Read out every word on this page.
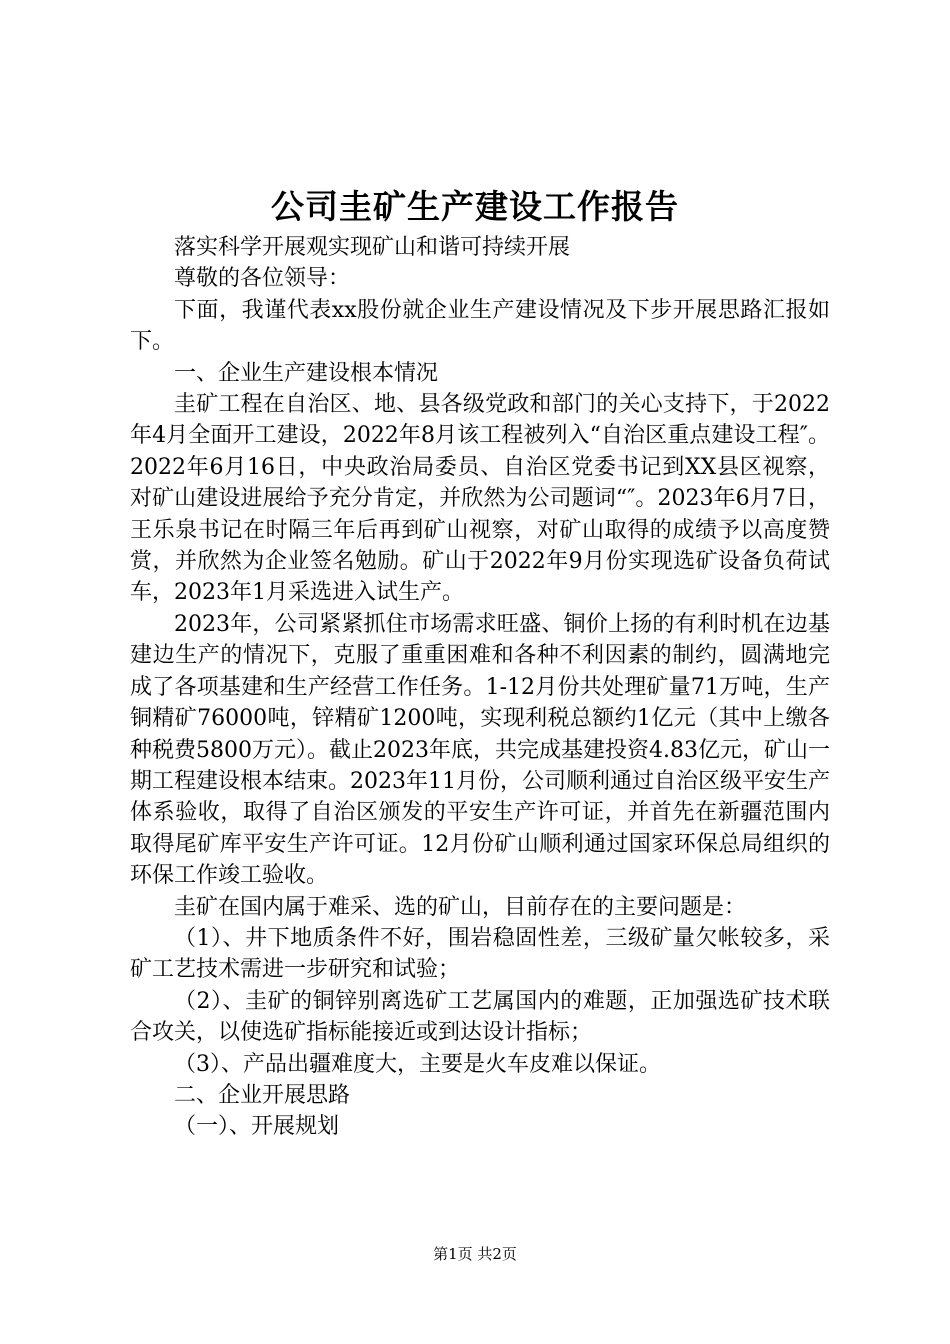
公司圭矿生产建设工作报告

落实科学开展观实现矿山和谐可持续开展

尊敬的各位领导：

下面，我谨代表xx股份就企业生产建设情况及下步开展思路汇报如下。

一、企业生产建设根本情况

圭矿工程在自治区、地、县各级党政和部门的关心支持下，于2022年4月全面开工建设，2022年8月该工程被列入“自治区重点建设工程″。2022年6月16日，中央政治局委员、自治区党委书记到XX县区视察，对矿山建设进展给予充分肯定，并欣然为公司题词“″。2023年6月7日，王乐泉书记在时隔三年后再到矿山视察，对矿山取得的成绩予以高度赞赏，并欣然为企业签名勉励。矿山于2022年9月份实现选矿设备负荷试车，2023年1月采选进入试生产。

2023年，公司紧紧抓住市场需求旺盛、铜价上扬的有利时机在边基建边生产的情况下，克服了重重困难和各种不利因素的制约，圆满地完成了各项基建和生产经营工作任务。1-12月份共处理矿量71万吨，生产铜精矿76000吨，锌精矿1200吨，实现利税总额约1亿元（其中上缴各种税费5800万元）。截止2023年底，共完成基建投资4.83亿元，矿山一期工程建设根本结束。2023年11月份，公司顺利通过自治区级平安生产体系验收，取得了自治区颁发的平安生产许可证，并首先在新疆范围内取得尾矿库平安生产许可证。12月份矿山顺利通过国家环保总局组织的环保工作竣工验收。

圭矿在国内属于难采、选的矿山，目前存在的主要问题是：

（1）、井下地质条件不好，围岩稳固性差，三级矿量欠帐较多，采矿工艺技术需进一步研究和试验；

（2）、圭矿的铜锌别离选矿工艺属国内的难题，正加强选矿技术联合攻关，以使选矿指标能接近或到达设计指标；

（3）、产品出疆难度大，主要是火车皮难以保证。

二、企业开展思路

（一）、开展规划

第1页 共2页
